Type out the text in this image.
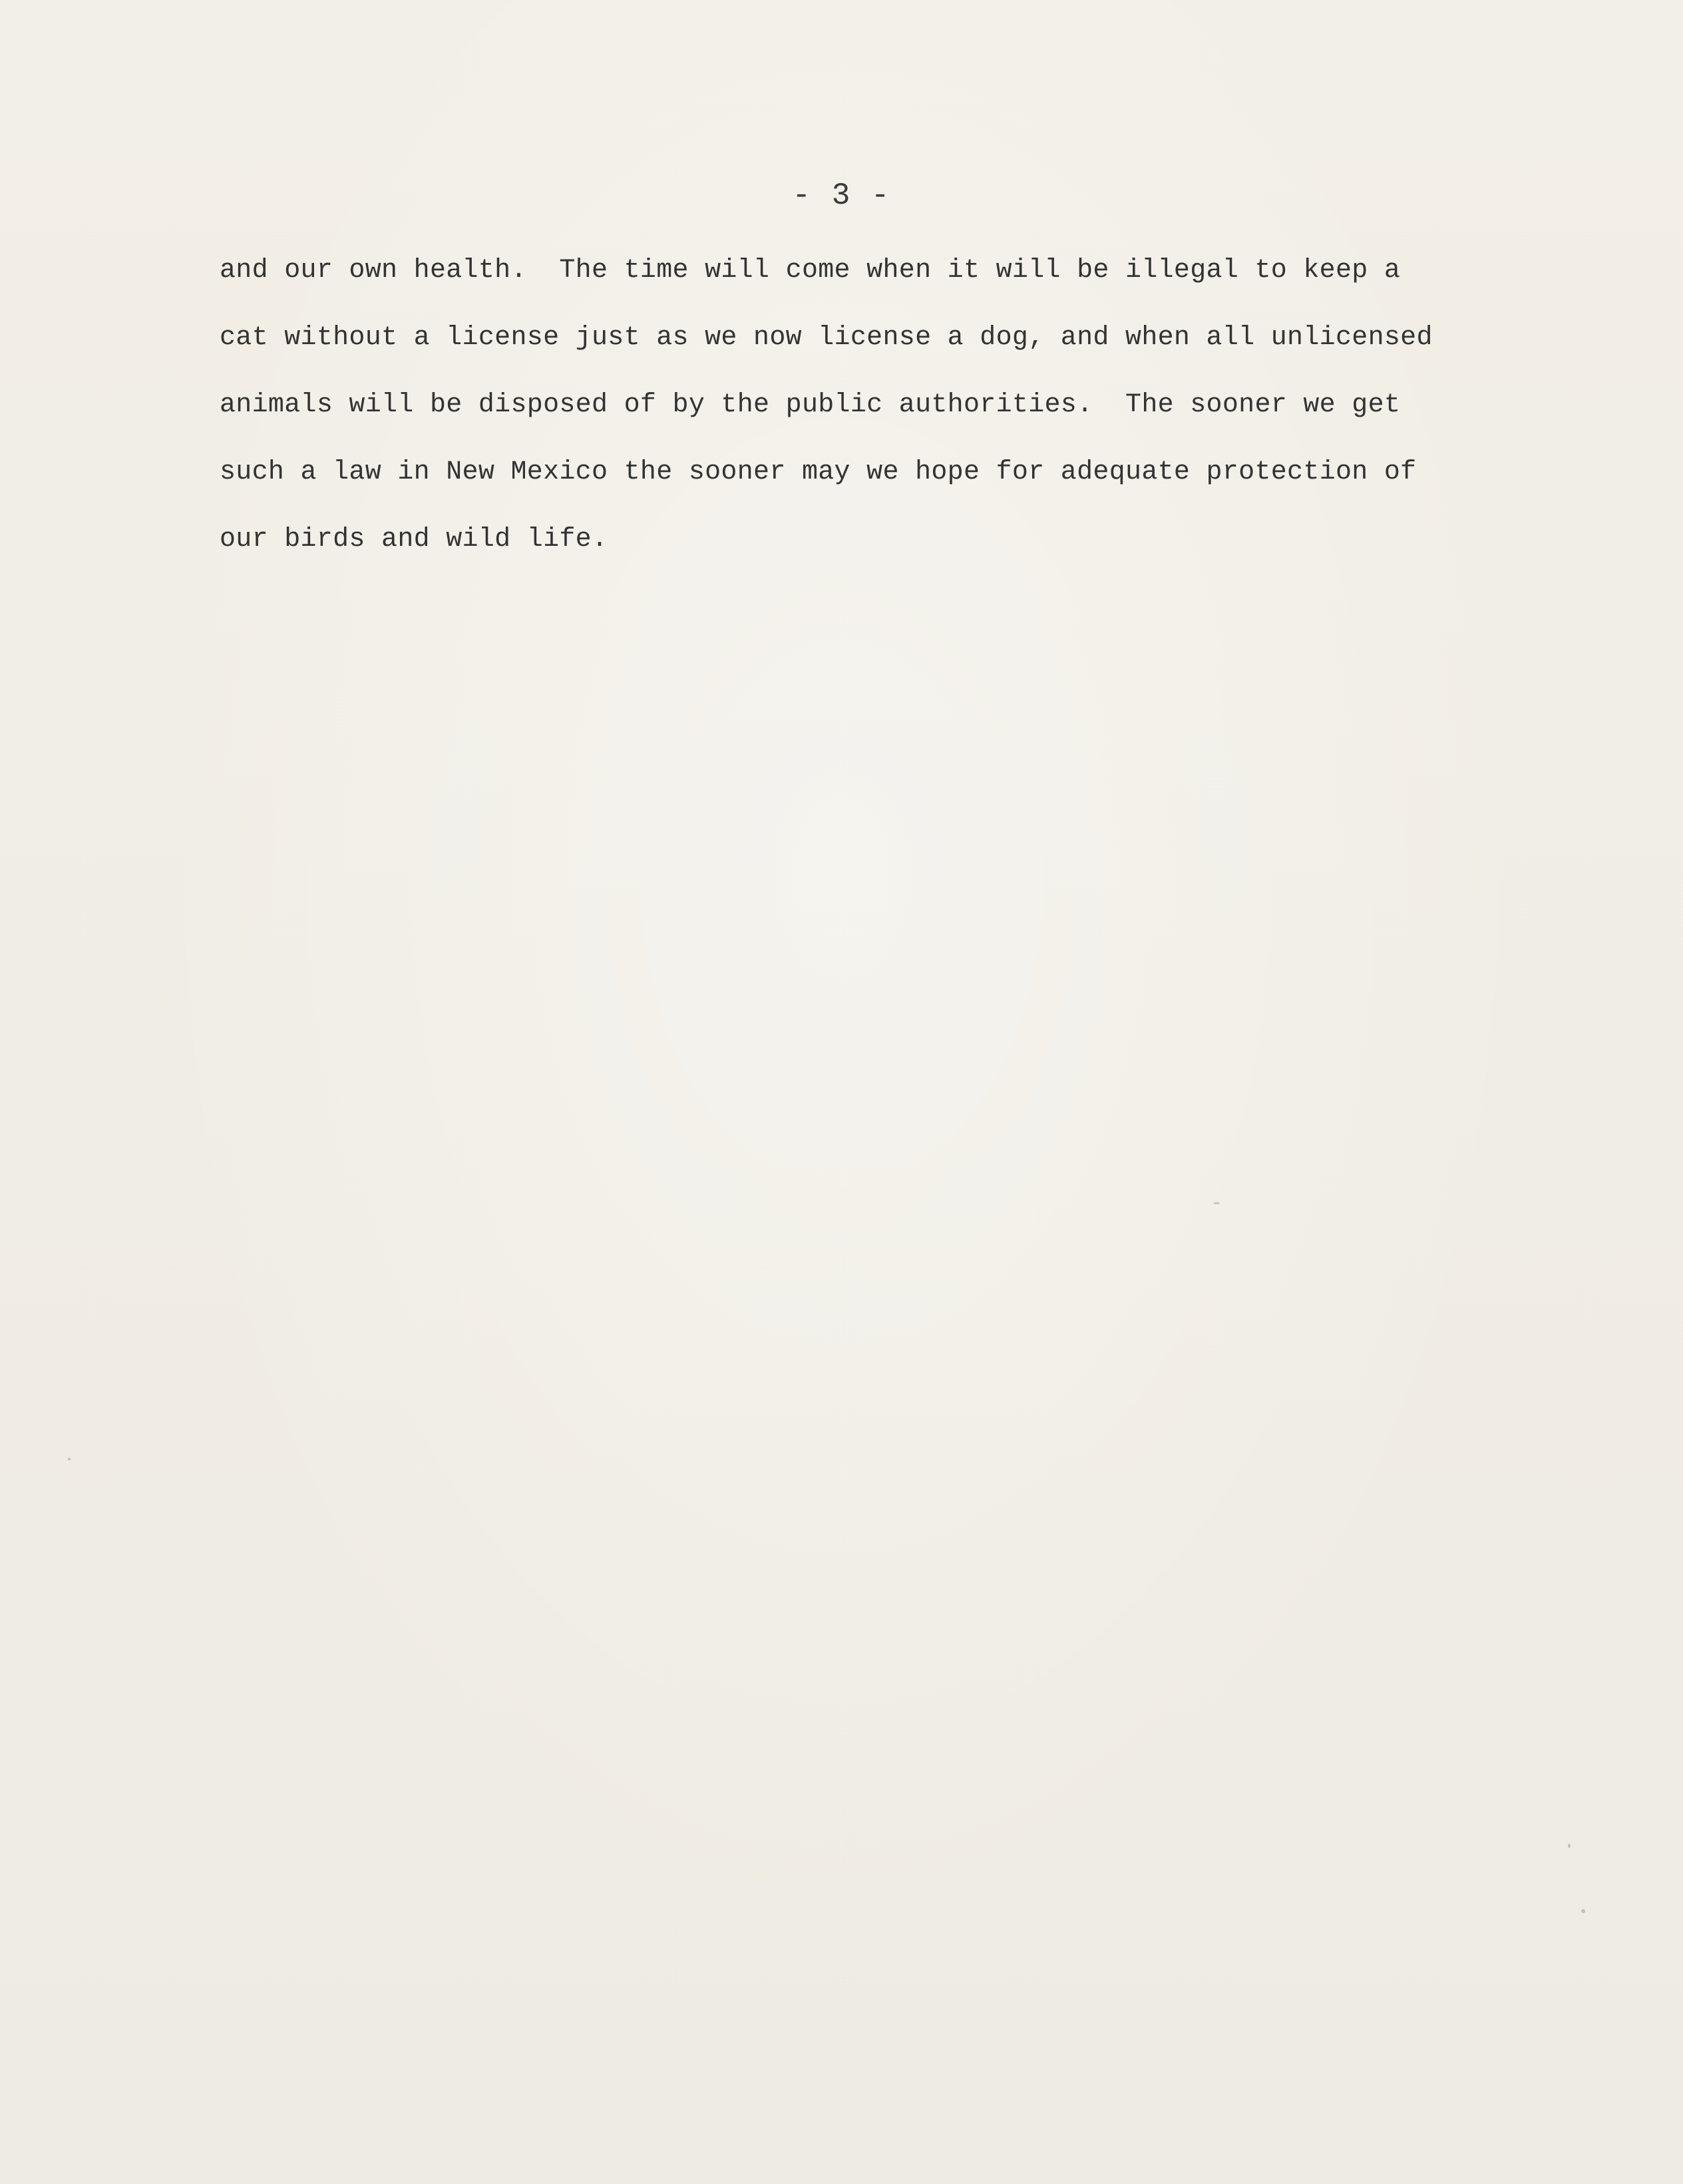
- 3 -
and our own health.  The time will come when it will be illegal to keep a
cat without a license just as we now license a dog, and when all unlicensed
animals will be disposed of by the public authorities.  The sooner we get
such a law in New Mexico the sooner may we hope for adequate protection of
our birds and wild life.
